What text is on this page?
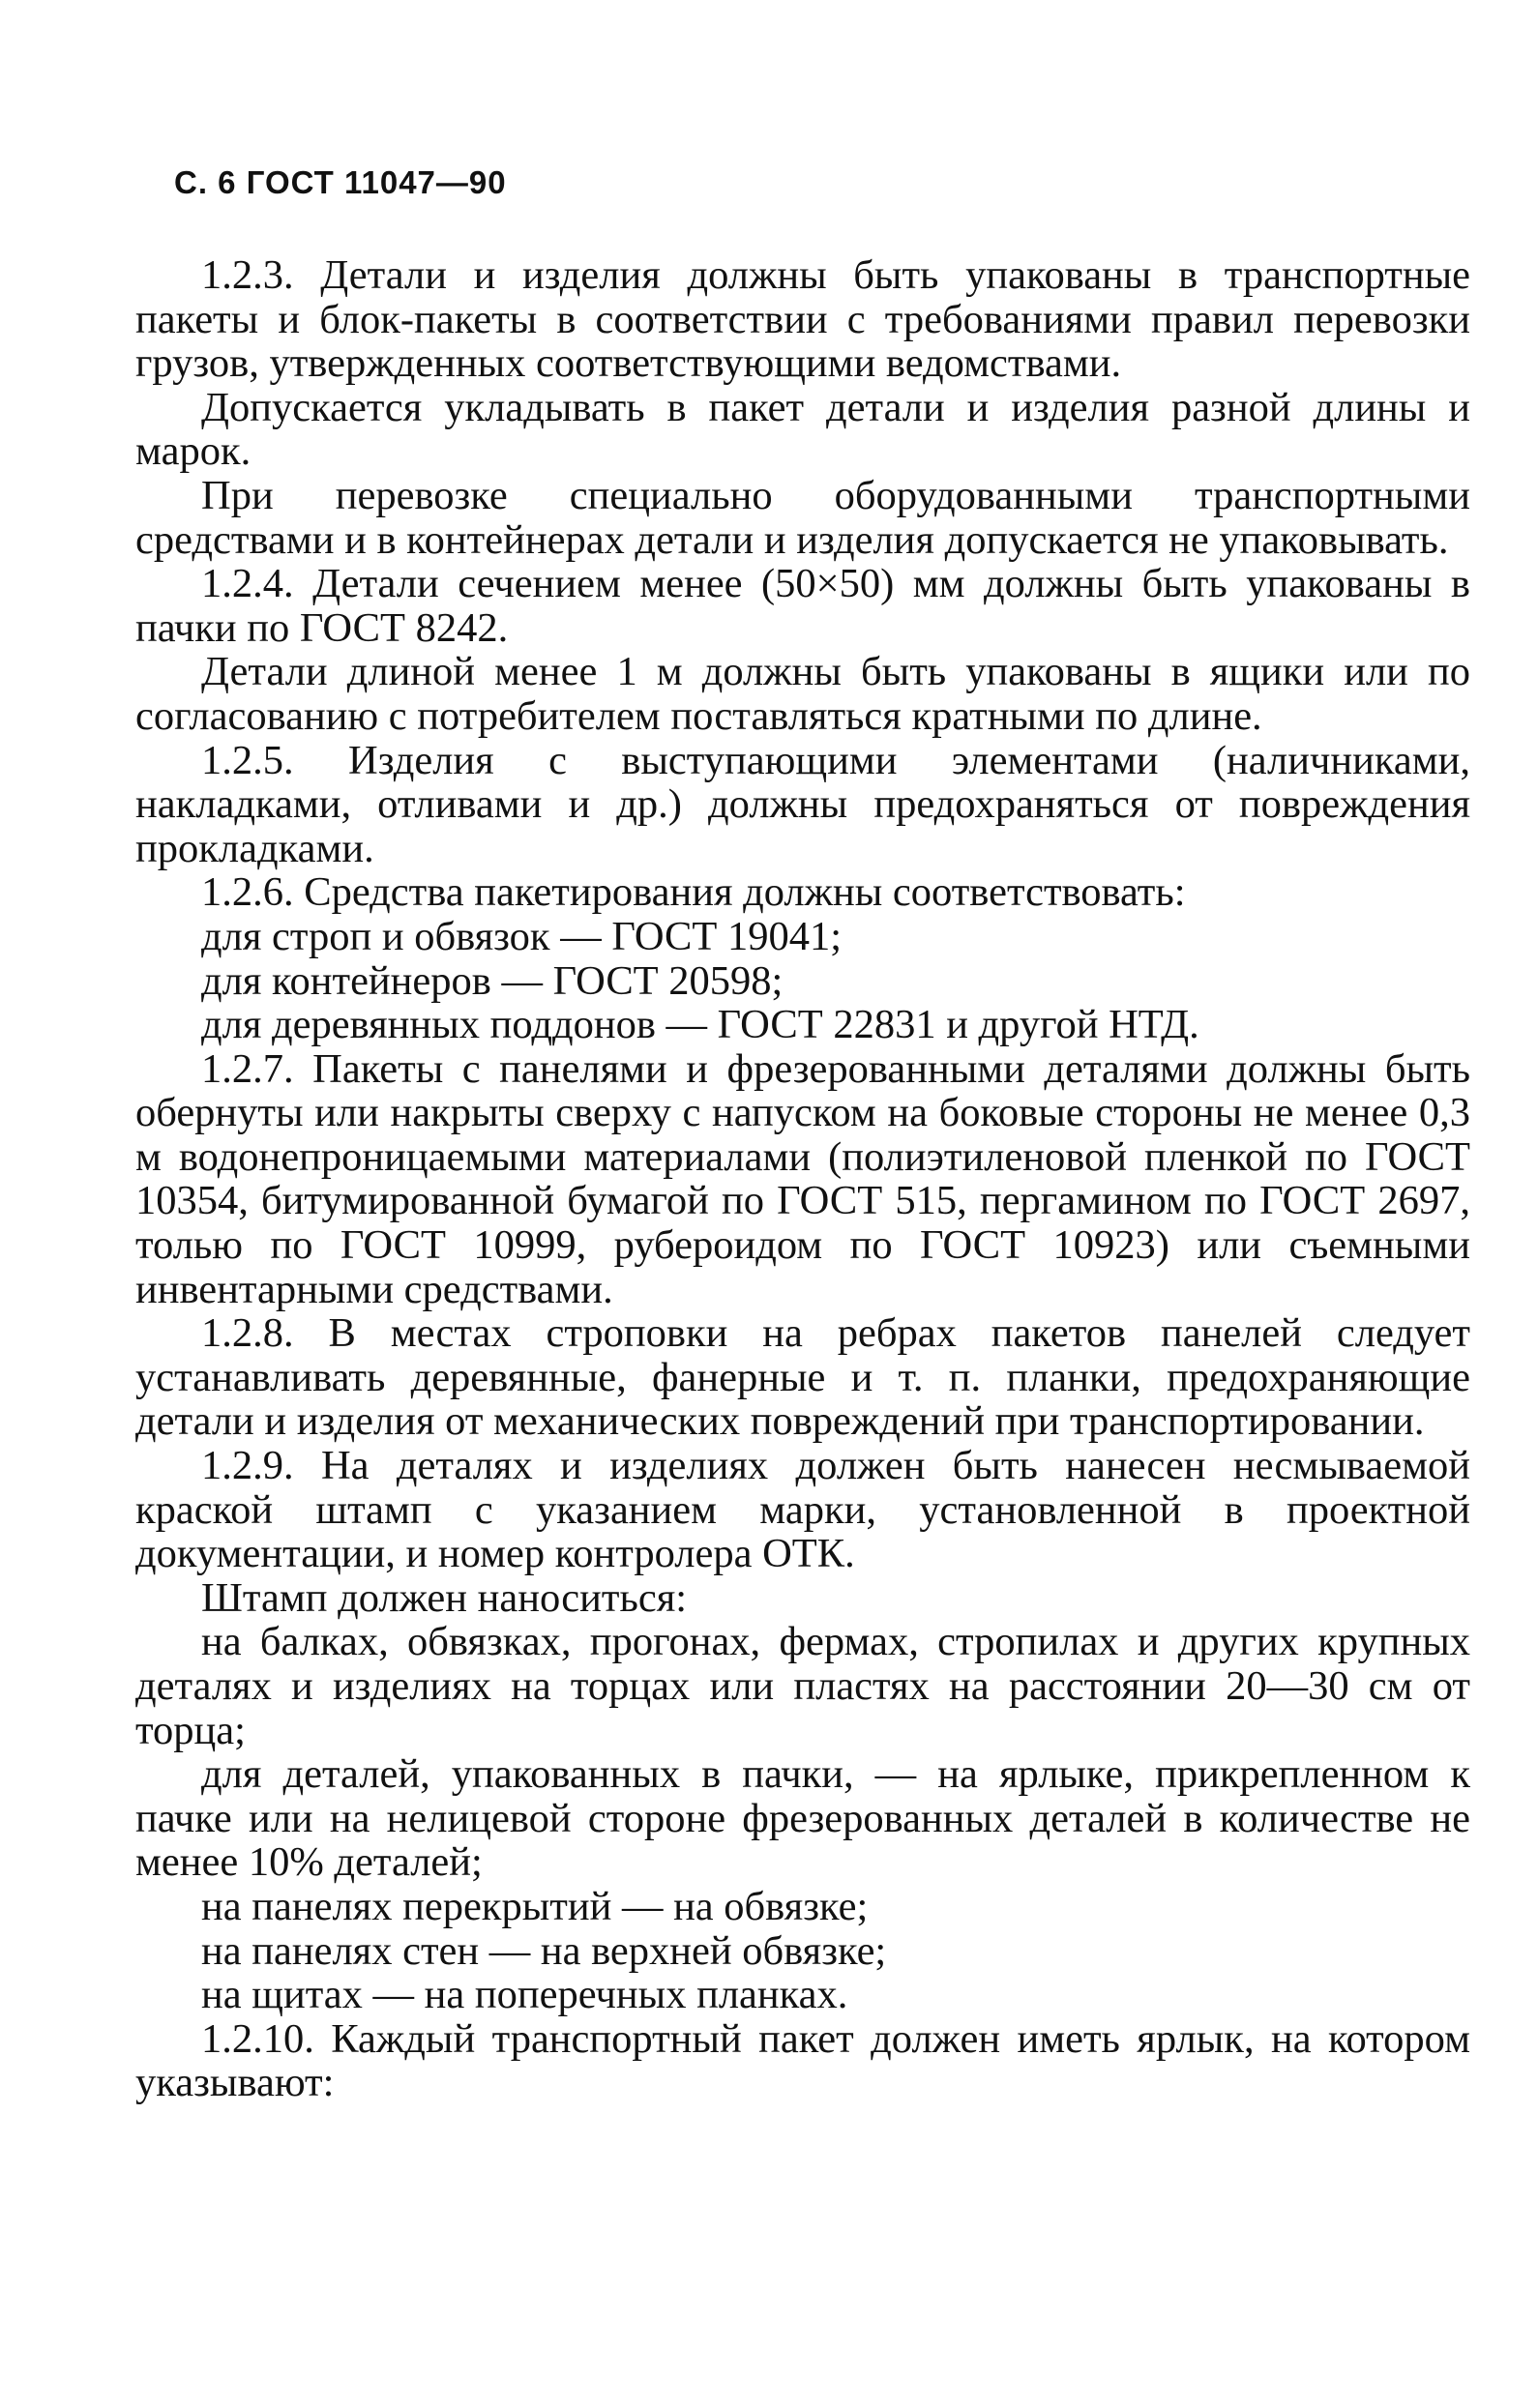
С. 6 ГОСТ 11047—90

1.2.3. Детали и изделия должны быть упакованы в транспортные пакеты и блок-пакеты в соответствии с требованиями правил перевозки грузов, утвержденных соответствующими ведомствами.

Допускается укладывать в пакет детали и изделия разной длины и марок.

При перевозке специально оборудованными транспортными средствами и в контейнерах детали и изделия допускается не упаковывать.

1.2.4. Детали сечением менее (50×50) мм должны быть упакованы в пачки по ГОСТ 8242.

Детали длиной менее 1 м должны быть упакованы в ящики или по согласованию с потребителем поставляться кратными по длине.

1.2.5. Изделия с выступающими элементами (наличниками, накладками, отливами и др.) должны предохраняться от повреждения прокладками.

1.2.6. Средства пакетирования должны соответствовать:

для строп и обвязок — ГОСТ 19041;

для контейнеров — ГОСТ 20598;

для деревянных поддонов — ГОСТ 22831 и другой НТД.

1.2.7. Пакеты с панелями и фрезерованными деталями должны быть обернуты или накрыты сверху с напуском на боковые стороны не менее 0,3 м водонепроницаемыми материалами (полиэтиленовой пленкой по ГОСТ 10354, битумированной бумагой по ГОСТ 515, пергамином по ГОСТ 2697, толью по ГОСТ 10999, рубероидом по ГОСТ 10923) или съемными инвентарными средствами.

1.2.8. В местах строповки на ребрах пакетов панелей следует устанавливать деревянные, фанерные и т. п. планки, предохраняющие детали и изделия от механических повреждений при транспортировании.

1.2.9. На деталях и изделиях должен быть нанесен несмываемой краской штамп с указанием марки, установленной в проектной документации, и номер контролера ОТК.

Штамп должен наноситься:

на балках, обвязках, прогонах, фермах, стропилах и других крупных деталях и изделиях на торцах или пластях на расстоянии 20—30 см от торца;

для деталей, упакованных в пачки, — на ярлыке, прикрепленном к пачке или на нелицевой стороне фрезерованных деталей в количестве не менее 10% деталей;

на панелях перекрытий — на обвязке;

на панелях стен — на верхней обвязке;

на щитах — на поперечных планках.

1.2.10. Каждый транспортный пакет должен иметь ярлык, на котором указывают:
